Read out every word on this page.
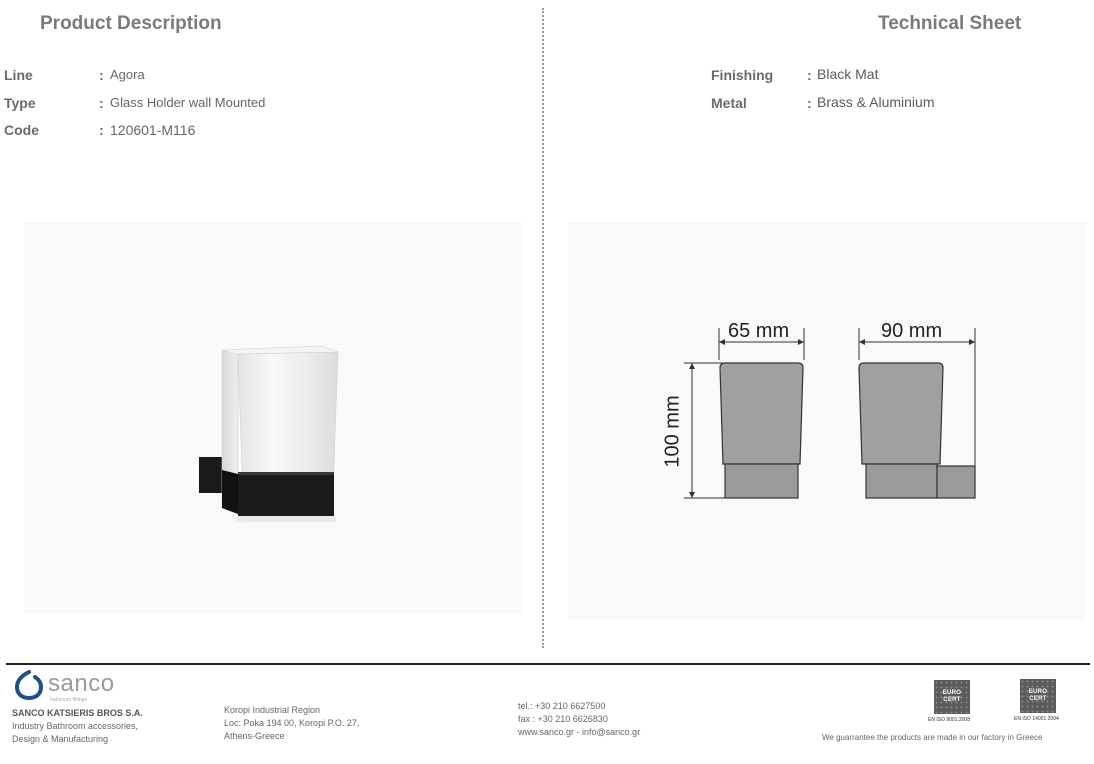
Product Description
Line	: Agora
Type	: Glass Holder wall Mounted
Code	: 120601-M116
Technical Sheet
Finishing : Black Mat
Metal	: Brass & Aluminium
65 mm	90 mm
100 mm
sanco
bathroom fittings
SANCO KATSIERIS BROS S.A.
Industry Bathroom accessories,
Design & Manufacturing
Koropi Industrial Region
Loc: Poka 194 00, Koropi P.O. 27,
Athens-Greece
tel.: +30 210 6627500
fax : +30 210 6626830
www.sanco.gr - info@sanco.gr
EURO
CERT
EN ISO 9001:2008
EURO
CERT
EN ISO 14001:2004
We guarrantee the products are made in our factory in Greece
